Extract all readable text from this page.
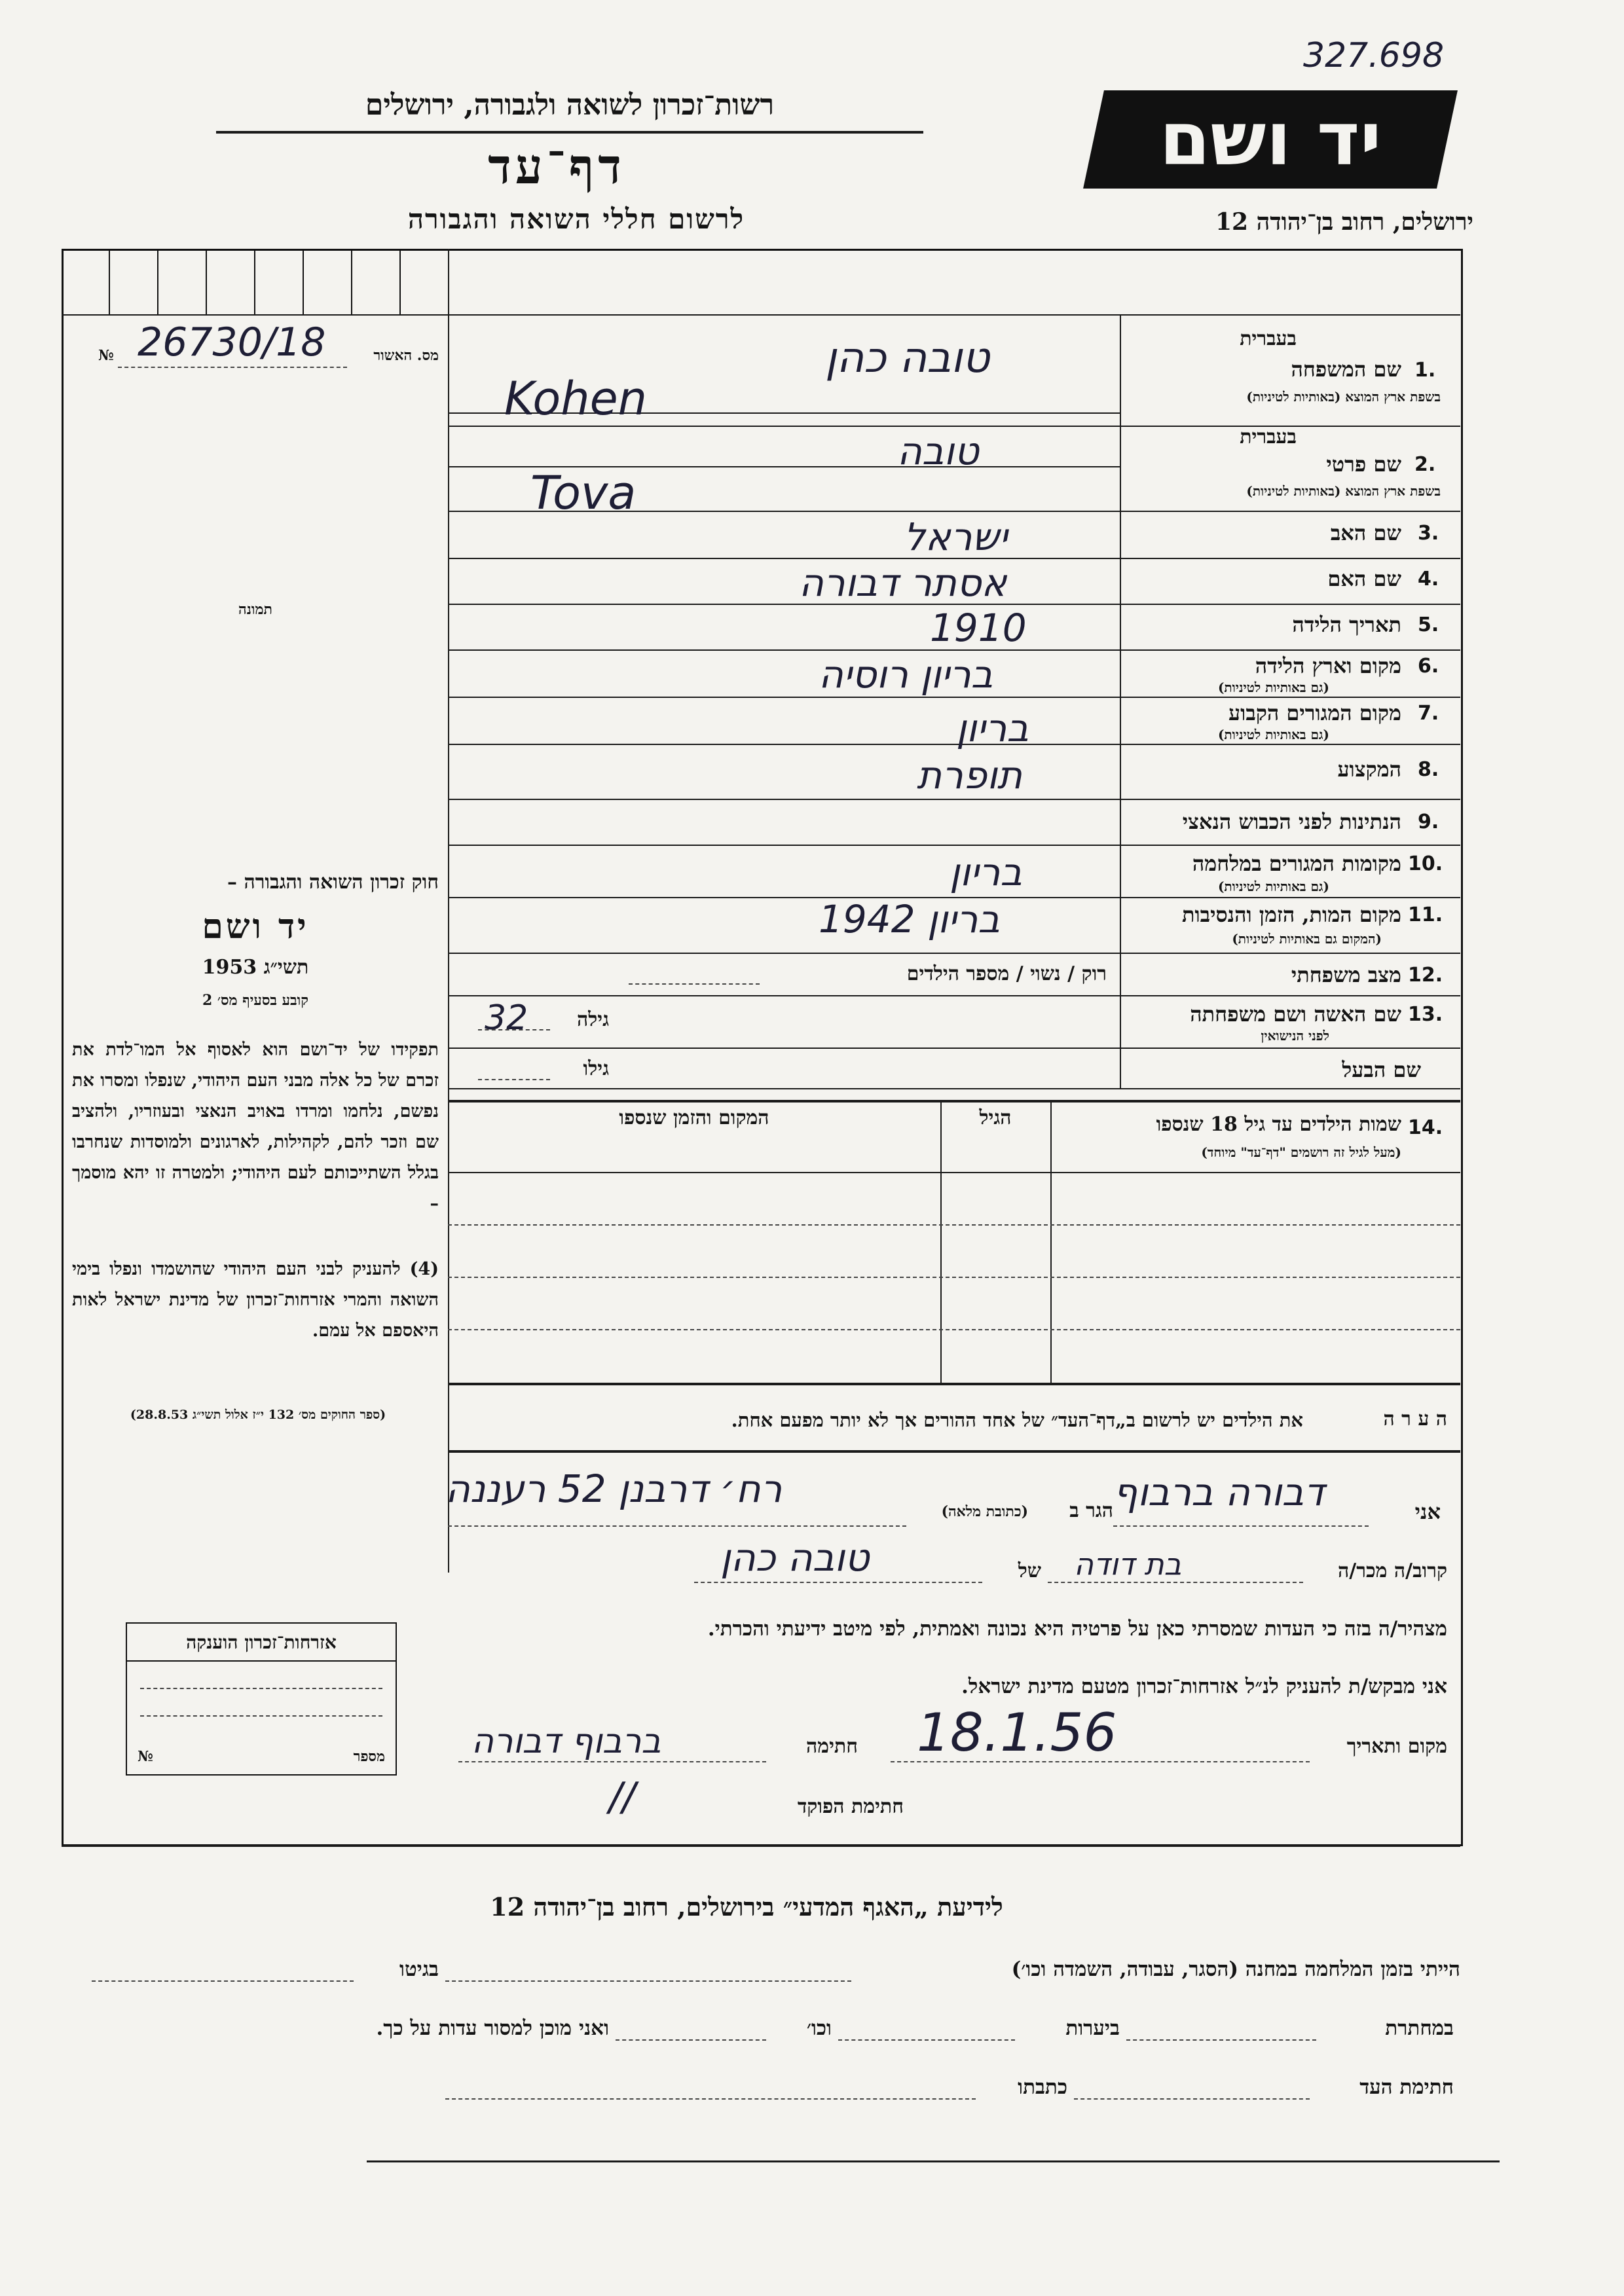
327.698
רשות־זכרון לשואה ולגבורה, ירושלים
דף־עד
לרשום חללי השואה והגבורה
יד ושם
ירושלים, רחוב בן־יהודה 12
מס. האשור
№ 26730/18
תמונה
חוק זכרון השואה והגבורה –
יד ושם
תשי״ג 1953
קובע בסעיף מס׳ 2
תפקידו של יד־ושם הוא לאסוף אל המו־לדת את זכרם של כל אלה מבני העם היהודי, שנפלו ומסרו את נפשם, נלחמו ומרדו באויב הנאצי ובעוזריו, ולהציב שם וזכר להם, לקהילות, לארגונים ולמוסדות שנחרבו בגלל השתייכותם לעם היהודי; ולמטרה זו יהא מוסמך –
(4) להעניק לבני העם היהודי שהושמדו ונפלו בימי השואה והמרי אזרחות־זכרון של מדינת ישראל לאות היאספם אל עמם.
(ספר החוקים מס׳ 132 י״ז אלול תשי״ג 28.8.53)
אזרחות־זכרון הוענקה
№	מספר
בעברית
שם המשפחה 1.
בשפת ארץ המוצא (באותיות לטיניות)
טובה כהן
Kohen
בעברית
שם פרטי 2.
בשפת ארץ המוצא (באותיות לטיניות)
טובה
Tova
שם האב 3.
ישראל
שם האם 4.
אסתר דבורה
תאריך הלידה 5.
1910
מקום וארץ הלידה 6.
(גם באותיות לטיניות)
בריון רוסיה
מקום המגורים הקבוע 7.
(גם באותיות לטיניות)
בריון
המקצוע 8.
תופרת
הנתינות לפני הכבוש הנאצי 9.
מקומות המגורים במלחמה 10.
(גם באותיות לטיניות)
בריון
מקום המות, הזמן והנסיבות 11.
(המקום גם באותיות לטיניות)
1942 בריון
מצב משפחתי 12.
רוק / נשוי / מספר הילדים
שם האשה ושם משפחתה 13.
לפני הנישואין
גילה
32
שם הבעל
גילו
14.
שמות הילדים עד גיל 18 שנספו
(מעל לגיל זה רושמים "דף־עד" מיוחד)
הגיל
המקום והזמן שנספו
ה ע ר ה
את הילדים יש לרשום ב„דף־העד״ של אחד ההורים אך לא יותר מפעם אחת.
אני
דבורה ברבוף
הגר ב
(כתובת מלאה)
רח׳ דרבנן 52 רעננה
קרוב/ה מכר/ה
בת דודה
של
טובה כהן
מצהיר/ה בזה כי העדות שמסרתי כאן על פרטיה היא נכונה ואמתית, לפי מיטב ידיעתי והכרתי.
אני מבקש/ת להעניק לנ״ל אזרחות־זכרון מטעם מדינת ישראל.
מקום ותאריך
18.1.56
חתימה
ברבוף דבורה
חתימת הפוקד
//
לידיעת „האגף המדעי״ בירושלים, רחוב בן־יהודה 12
הייתי בזמן המלחמה במחנה (הסגר, עבודה, השמדה וכו׳)
בגיטו
במחתרת
ביערות
וכו׳
ואני מוכן למסור עדות על כך.
חתימת העד
כתבתו
